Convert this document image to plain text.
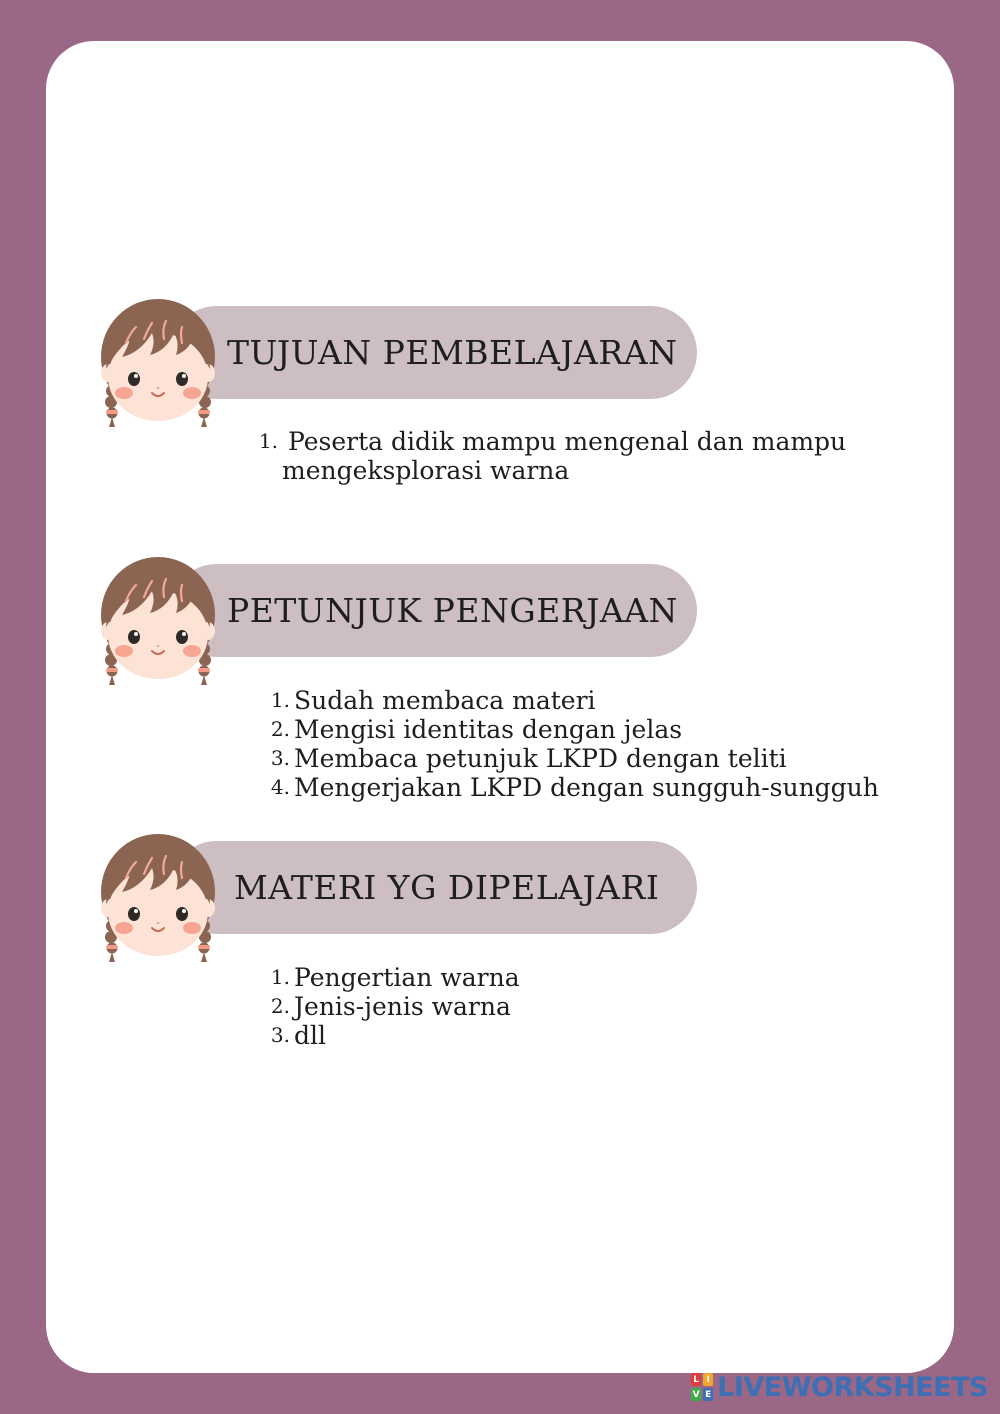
TUJUAN PEMBELAJARAN
1. Peserta didik mampu mengenal dan mampu
mengeksplorasi warna
PETUNJUK PENGERJAAN
1. Sudah membaca materi
2. Mengisi identitas dengan jelas
3. Membaca petunjuk LKPD dengan teliti
4. Mengerjakan LKPD dengan sungguh-sungguh
MATERI YG DIPELAJARI
1. Pengertian warna
2. Jenis-jenis warna
3. dll
L I
V E LIVEWORKSHEETS
